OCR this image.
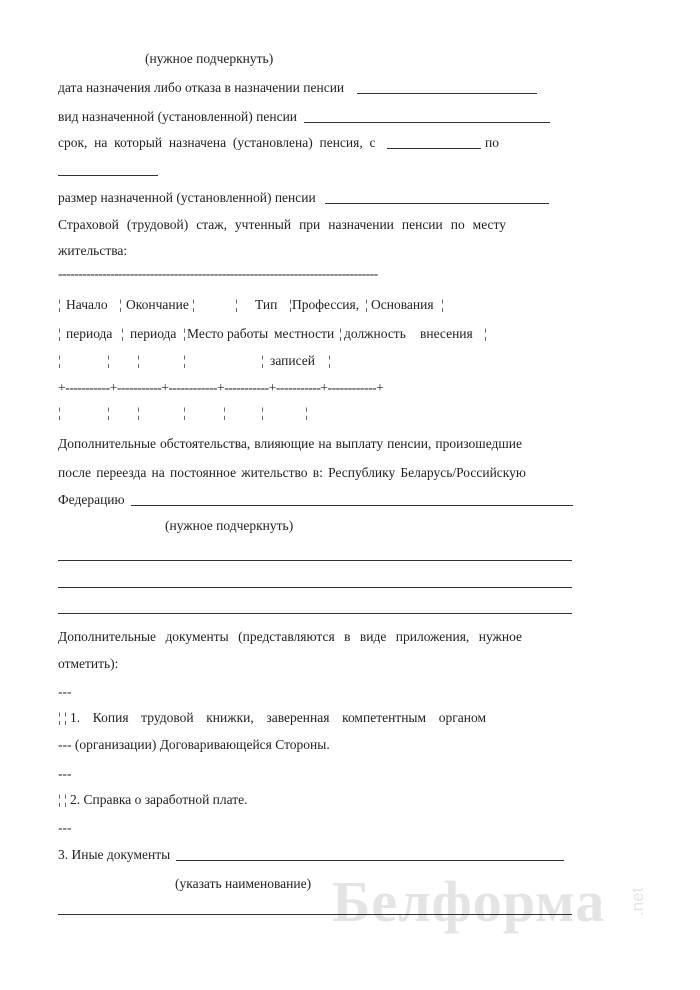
(нужное подчеркнуть)
дата назначения либо отказа в назначении пенсии
вид назначенной (установленной) пенсии
срок,  на  который  назначена  (установлена)  пенсия,  с	по
размер назначенной (установленной) пенсии
Страховой (трудовой) стаж, учтенный при назначении пенсии по месту
жительства:
--------------------------------------------------------------------------------
¦ Начало ¦ Окончание ¦	¦ Тип ¦ Профессия, ¦ Основания ¦
¦ периода ¦ периода ¦ Место работы местности ¦ должность внесения ¦
¦	¦ ¦	¦	¦ записей ¦
+-----------+-----------+------------+-----------+-----------+------------+
¦	¦ ¦	¦	¦	¦	¦
Дополнительные обстоятельства, влияющие на выплату пенсии, произошедшие
после переезда на постоянное жительство в: Республику Беларусь/Российскую
Федерацию
(нужное подчеркнуть)
Дополнительные документы (представляются в виде приложения, нужное
отметить):
---
¦ ¦ 1. Копия трудовой книжки, заверенная компетентным органом
--- (организации) Договаривающейся Стороны.
---
¦ ¦ 2. Справка о заработной плате.
---
3. Иные документы
(указать наименование) Белформа .net
